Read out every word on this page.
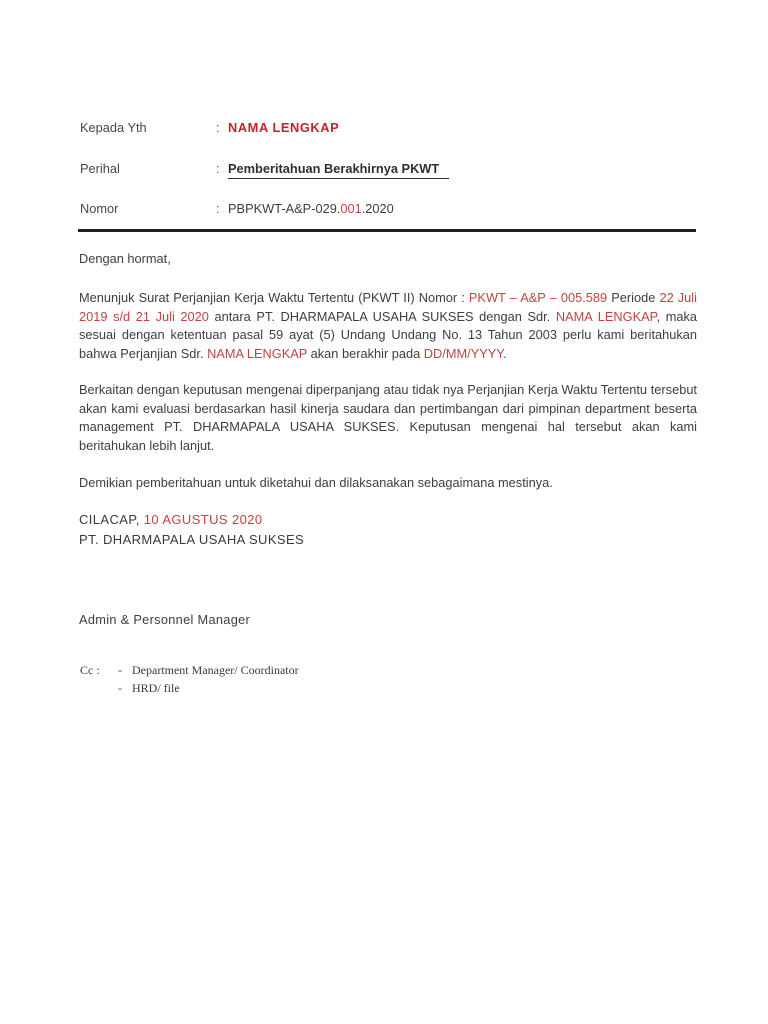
Kepada Yth	: NAMA LENGKAP
Perihal	: Pemberitahuan Berakhirnya PKWT
Nomor	: PBPKWT-A&P-029.001.2020
Dengan hormat,
Menunjuk Surat Perjanjian Kerja Waktu Tertentu (PKWT II) Nomor : PKWT – A&P – 005.589 Periode 22 Juli 2019 s/d 21 Juli 2020 antara PT. DHARMAPALA USAHA SUKSES dengan Sdr. NAMA LENGKAP, maka sesuai dengan ketentuan pasal 59 ayat (5) Undang Undang No. 13 Tahun 2003 perlu kami beritahukan bahwa Perjanjian Sdr. NAMA LENGKAP akan berakhir pada DD/MM/YYYY.
Berkaitan dengan keputusan mengenai diperpanjang atau tidak nya Perjanjian Kerja Waktu Tertentu tersebut akan kami evaluasi berdasarkan hasil kinerja saudara dan pertimbangan dari pimpinan department beserta management PT. DHARMAPALA USAHA SUKSES. Keputusan mengenai hal tersebut akan kami beritahukan lebih lanjut.
Demikian pemberitahuan untuk diketahui dan dilaksanakan sebagaimana mestinya.
CILACAP, 10 AGUSTUS 2020
PT. DHARMAPALA USAHA SUKSES
Admin & Personnel Manager
Cc :	- Department Manager/ Coordinator
- HRD/ file
